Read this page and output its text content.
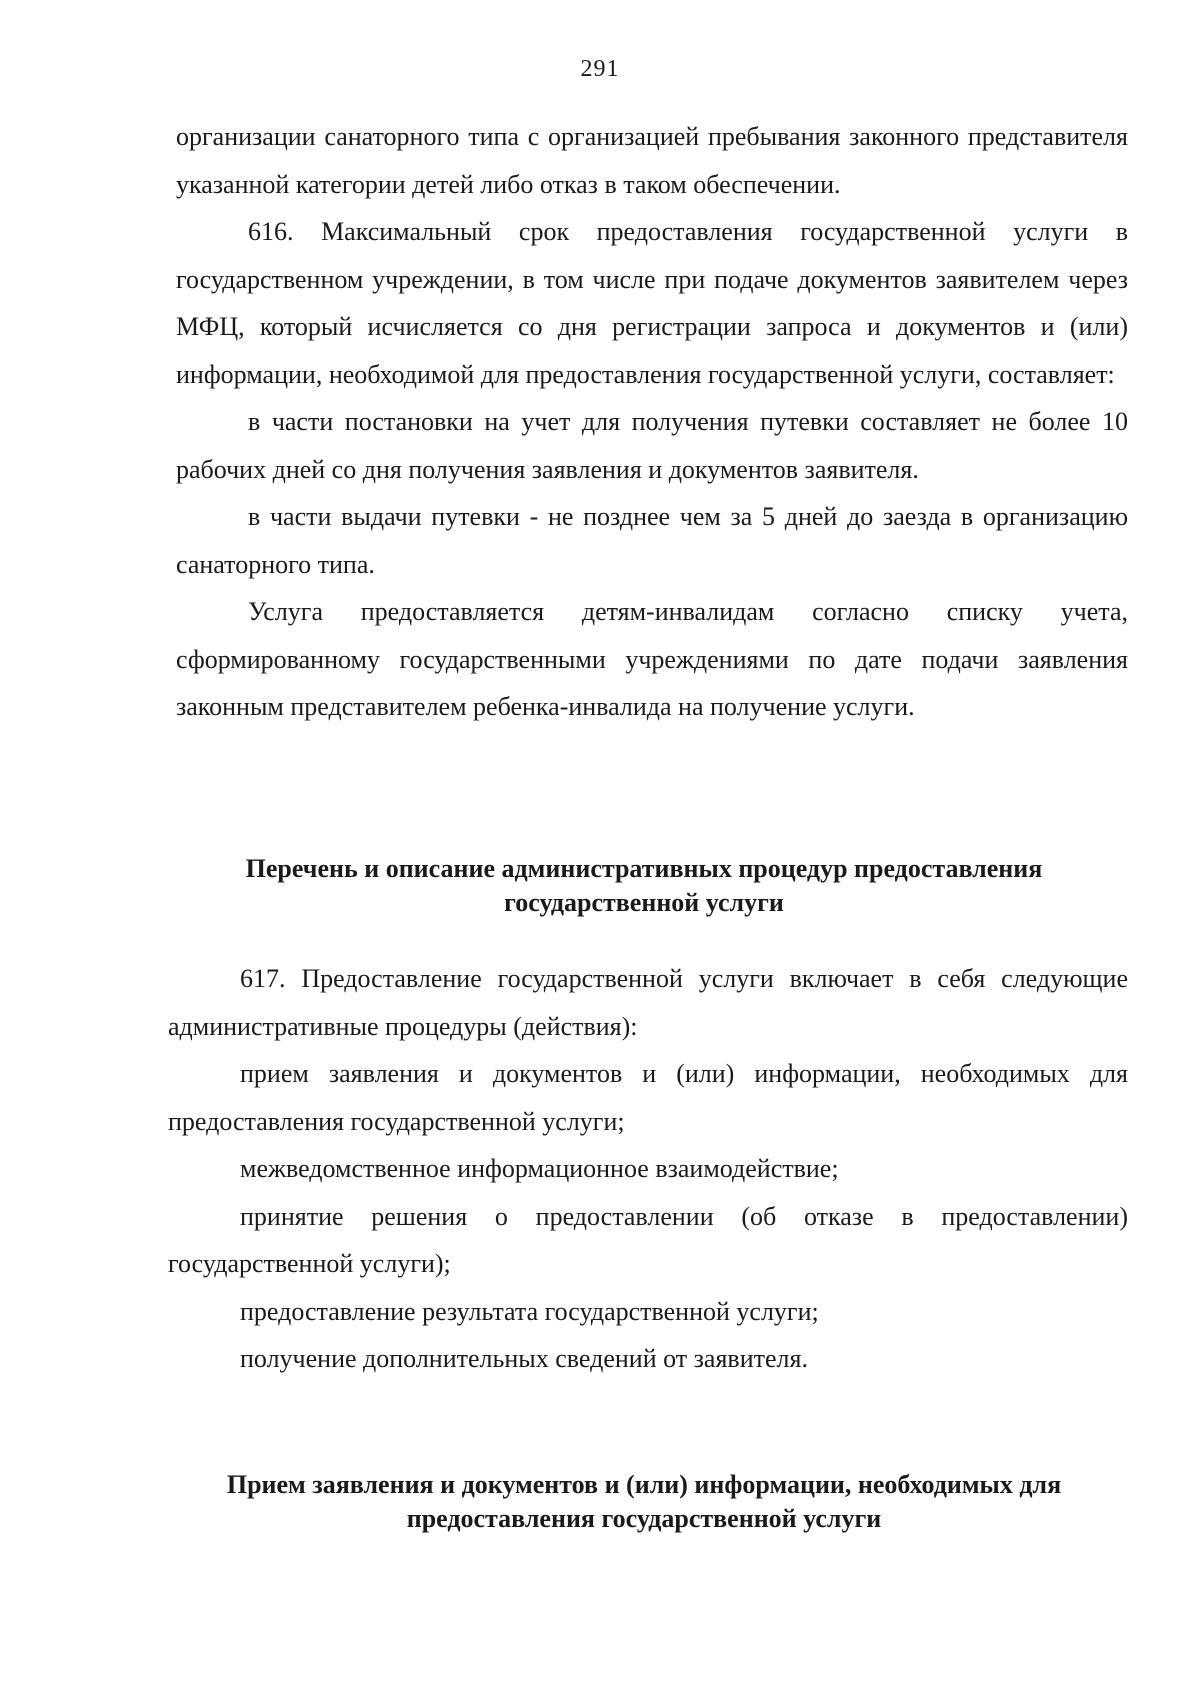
291

организации санаторного типа с организацией пребывания законного представителя указанной категории детей либо отказ в таком обеспечении.

616. Максимальный срок предоставления государственной услуги в государственном учреждении, в том числе при подаче документов заявителем через МФЦ, который исчисляется со дня регистрации запроса и документов и (или) информации, необходимой для предоставления государственной услуги, составляет:

в части постановки на учет для получения путевки составляет не более 10 рабочих дней со дня получения заявления и документов заявителя.

в части выдачи путевки - не позднее чем за 5 дней до заезда в организацию санаторного типа.

Услуга предоставляется детям-инвалидам согласно списку учета, сформированному государственными учреждениями по дате подачи заявления законным представителем ребенка-инвалида на получение услуги.

Перечень и описание административных процедур предоставления
государственной услуги

617. Предоставление государственной услуги включает в себя следующие административные процедуры (действия):

прием заявления и документов и (или) информации, необходимых для предоставления государственной услуги;

межведомственное информационное взаимодействие;

принятие решения о предоставлении (об отказе в предоставлении) государственной услуги);

предоставление результата государственной услуги;

получение дополнительных сведений от заявителя.

Прием заявления и документов и (или) информации, необходимых для
предоставления государственной услуги
